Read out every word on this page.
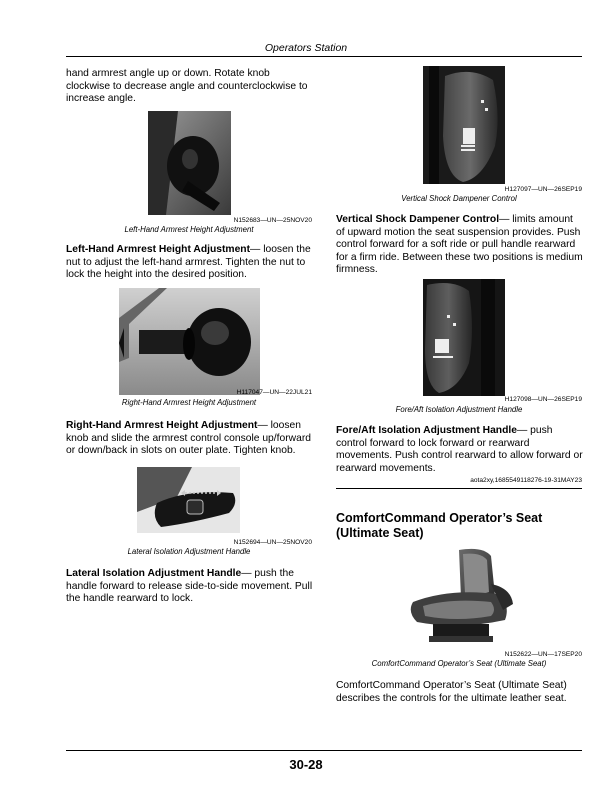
Operators Station
hand armrest angle up or down. Rotate knob clockwise to decrease angle and counterclockwise to increase angle.
N152683—UN—25NOV20
Left-Hand Armrest Height Adjustment
Left-Hand Armrest Height Adjustment— loosen the nut to adjust the left-hand armrest. Tighten the nut to lock the height into the desired position.
H117047—UN—22JUL21
Right-Hand Armrest Height Adjustment
Right-Hand Armrest Height Adjustment— loosen knob and slide the armrest control console up/forward or down/back in slots on outer plate. Tighten knob.
N152694—UN—25NOV20
Lateral Isolation Adjustment Handle
Lateral Isolation Adjustment Handle— push the handle forward to release side-to-side movement. Pull the handle rearward to lock.
H127097—UN—26SEP19
Vertical Shock Dampener Control
Vertical Shock Dampener Control— limits amount of upward motion the seat suspension provides. Push control forward for a soft ride or pull handle rearward for a firm ride. Between these two positions is medium firmness.
H127098—UN—26SEP19
Fore/Aft Isolation Adjustment Handle
Fore/Aft Isolation Adjustment Handle— push control forward to lock forward or rearward movements. Push control rearward to allow forward or rearward movements.
aota2xy,1685549118276-19-31MAY23
ComfortCommand Operator’s Seat
(Ultimate Seat)
N152622—UN—17SEP20
ComfortCommand Operator’s Seat (Ultimate Seat)
ComfortCommand Operator’s Seat (Ultimate Seat) describes the controls for the ultimate leather seat.
30-28
